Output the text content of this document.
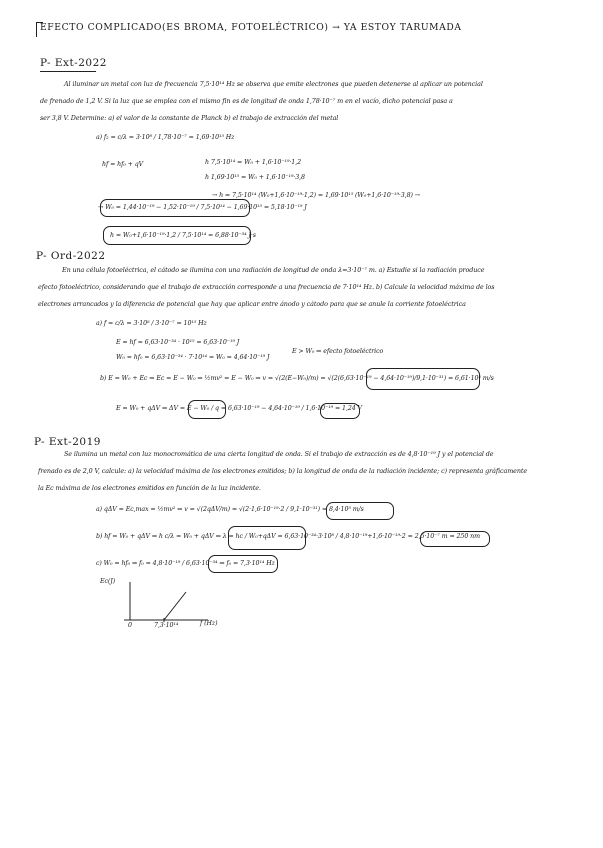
EFECTO COMPLICADO(ES BROMA, FOTOELÉCTRICO) → YA ESTOY TARUMADA
P- Ext-2022
Al iluminar un metal con luz de frecuencia 7,5·10¹⁴ Hz se observa que emite electrones que pueden detenerse al aplicar un potencial
de frenado de 1,2 V. Si la luz que se emplea con el mismo fin es de longitud de onda 1,78·10⁻⁷ m en el vacío, dicho potencial pasa a
ser 3,8 V. Determine: a) el valor de la constante de Planck b) el trabajo de extracción del metal
a) f₂ = c/λ = 3·10⁸ / 1,78·10⁻⁷ = 1,69·10¹⁵ Hz
hf = hf₀ + qV	h 7,5·10¹⁴ = W₀ + 1,6·10⁻¹⁹·1,2
h 1,69·10¹⁵ = W₀ + 1,6·10⁻¹⁹·3,8
→ h = 7,5·10¹⁴ (W₀+1,6·10⁻¹⁹·1,2) = 1,69·10¹⁵ (W₀+1,6·10⁻¹⁹·3,8) →
→ W₀ = 1,44·10⁻¹⁹ − 1,52·10⁻¹⁹ / 7,5·10¹⁴ − 1,69·10¹⁵ = 5,18·10⁻¹⁹ J
h = W₀+1,6·10⁻¹⁹·1,2 / 7,5·10¹⁴ = 6,88·10⁻³⁴ J·s
P- Ord-2022
En una célula fotoeléctrica, el cátodo se ilumina con una radiación de longitud de onda λ=3·10⁻⁷ m. a) Estudie si la radiación produce
efecto fotoeléctrico, considerando que el trabajo de extracción corresponde a una frecuencia de 7·10¹⁴ Hz. b) Calcule la velocidad máxima de los
electrones arrancados y la diferencia de potencial que hay que aplicar entre ánodo y cátodo para que se anule la corriente fotoeléctrica
a) f = c/λ = 3·10⁸ / 3·10⁻⁷ = 10¹⁵ Hz
E = hf = 6,63·10⁻³⁴ · 10¹⁵ = 6,63·10⁻¹⁹ J
W₀ = hf₀ = 6,63·10⁻³⁴ · 7·10¹⁴ = W₀ = 4,64·10⁻¹⁹ J
E > W₀ ⇒ efecto fotoeléctrico
b) E = W₀ + Ec ⇒ Ec = E − W₀ ⇒ ½mv² = E − W₀ ⇒ v = √(2(E−W₀)/m) = √(2(6,63·10⁻¹⁹ − 4,64·10⁻¹⁹)/9,1·10⁻³¹) = 6,61·10⁵ m/s
E = W₀ + qΔV ⇒ ΔV = E − W₀ / q = 6,63·10⁻¹⁹ − 4,64·10⁻¹⁹ / 1,6·10⁻¹⁹ = 1,24 V
P- Ext-2019
Se ilumina un metal con luz monocromática de una cierta longitud de onda. Si el trabajo de extracción es de 4,8·10⁻¹⁹ J y el potencial de
frenado es de 2,0 V, calcule: a) la velocidad máxima de los electrones emitidos; b) la longitud de onda de la radiación incidente; c) representa gráficamente
la Ec máxima de los electrones emitidos en función de la luz incidente.
a) qΔV = Ec,max = ½mv² ⇒ v = √(2qΔV/m) = √(2·1,6·10⁻¹⁹·2 / 9,1·10⁻³¹) = 8,4·10⁵ m/s
b) hf = W₀ + qΔV ⇒ h c/λ = W₀ + qΔV ⇒ λ = hc / W₀+qΔV = 6,63·10⁻³⁴·3·10⁸ / 4,8·10⁻¹⁹+1,6·10⁻¹⁹·2 = 2,5·10⁻⁷ m = 250 nm
c) W₀ = hf₀ ⇒ f₀ = 4,8·10⁻¹⁹ / 6,63·10⁻³⁴ ⇒ f₀ = 7,3·10¹⁴ Hz
Ec(J)
0	7,3·10¹⁴	f (Hz)
